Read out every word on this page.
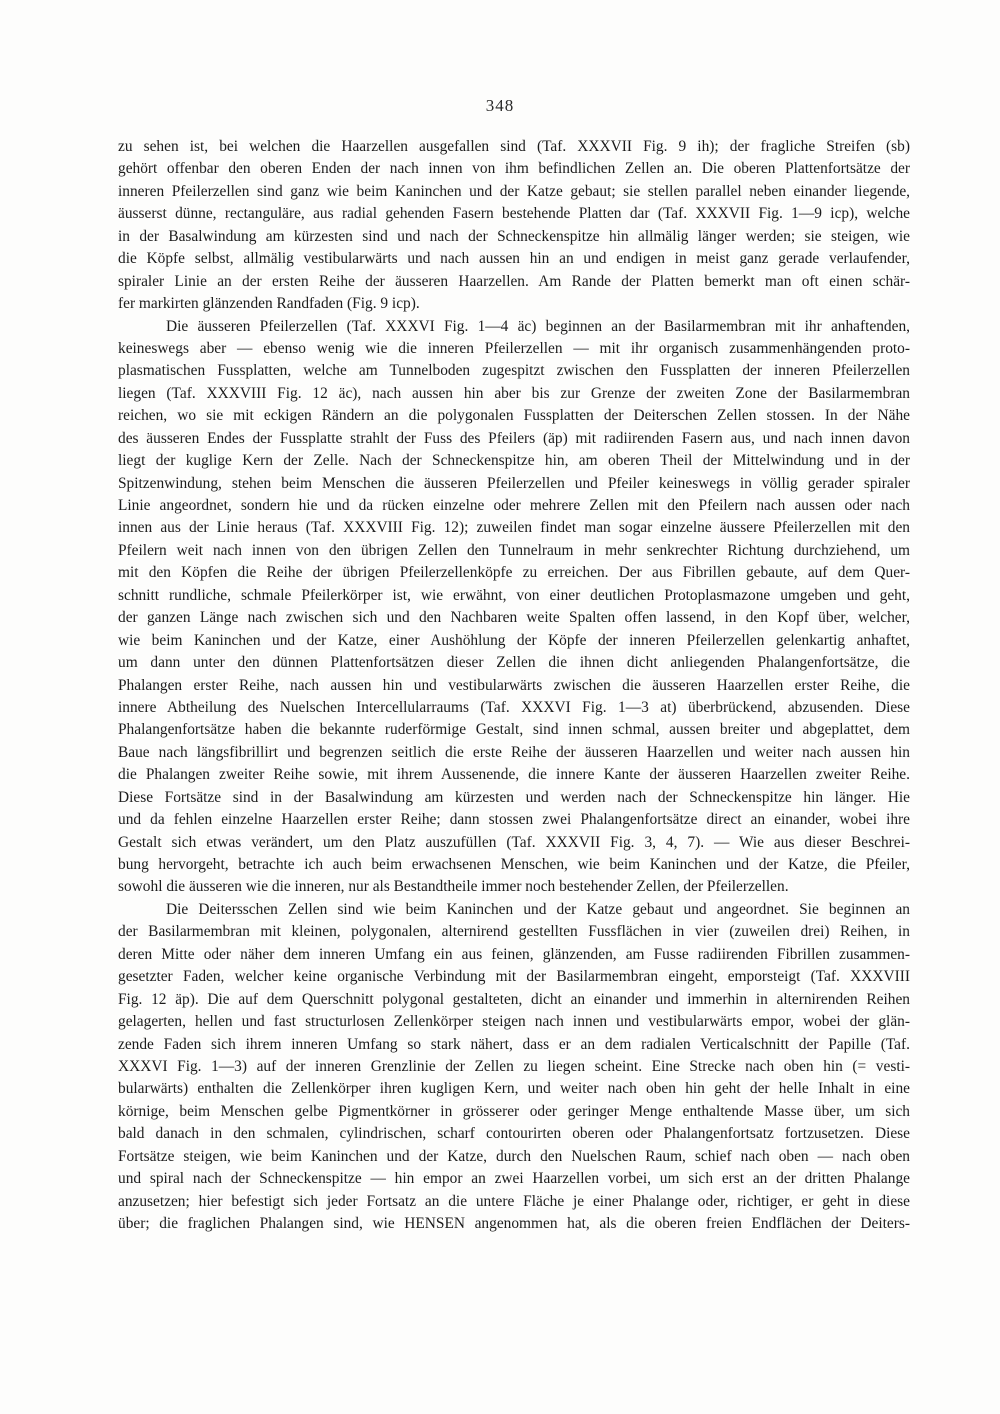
348
zu sehen ist, bei welchen die Haarzellen ausgefallen sind (Taf. XXXVII Fig. 9 ih); der fragliche Streifen (sb)
gehört offenbar den oberen Enden der nach innen von ihm befindlichen Zellen an. Die oberen Plattenfortsätze der
inneren Pfeilerzellen sind ganz wie beim Kaninchen und der Katze gebaut; sie stellen parallel neben einander liegende,
äusserst dünne, rectanguläre, aus radial gehenden Fasern bestehende Platten dar (Taf. XXXVII Fig. 1—9 icp), welche
in der Basalwindung am kürzesten sind und nach der Schneckenspitze hin allmälig länger werden; sie steigen, wie
die Köpfe selbst, allmälig vestibularwärts und nach aussen hin an und endigen in meist ganz gerade verlaufender,
spiraler Linie an der ersten Reihe der äusseren Haarzellen. Am Rande der Platten bemerkt man oft einen schär-
fer markirten glänzenden Randfaden (Fig. 9 icp).
Die äusseren Pfeilerzellen (Taf. XXXVI Fig. 1—4 äc) beginnen an der Basilarmembran mit ihr anhaftenden,
keineswegs aber — ebenso wenig wie die inneren Pfeilerzellen — mit ihr organisch zusammenhängenden proto-
plasmatischen Fussplatten, welche am Tunnelboden zugespitzt zwischen den Fussplatten der inneren Pfeilerzellen
liegen (Taf. XXXVIII Fig. 12 äc), nach aussen hin aber bis zur Grenze der zweiten Zone der Basilarmembran
reichen, wo sie mit eckigen Rändern an die polygonalen Fussplatten der Deiterschen Zellen stossen. In der Nähe
des äusseren Endes der Fussplatte strahlt der Fuss des Pfeilers (äp) mit radiirenden Fasern aus, und nach innen davon
liegt der kuglige Kern der Zelle. Nach der Schneckenspitze hin, am oberen Theil der Mittelwindung und in der
Spitzenwindung, stehen beim Menschen die äusseren Pfeilerzellen und Pfeiler keineswegs in völlig gerader spiraler
Linie angeordnet, sondern hie und da rücken einzelne oder mehrere Zellen mit den Pfeilern nach aussen oder nach
innen aus der Linie heraus (Taf. XXXVIII Fig. 12); zuweilen findet man sogar einzelne äussere Pfeilerzellen mit den
Pfeilern weit nach innen von den übrigen Zellen den Tunnelraum in mehr senkrechter Richtung durchziehend, um
mit den Köpfen die Reihe der übrigen Pfeilerzellenköpfe zu erreichen. Der aus Fibrillen gebaute, auf dem Quer-
schnitt rundliche, schmale Pfeilerkörper ist, wie erwähnt, von einer deutlichen Protoplasmazone umgeben und geht,
der ganzen Länge nach zwischen sich und den Nachbaren weite Spalten offen lassend, in den Kopf über, welcher,
wie beim Kaninchen und der Katze, einer Aushöhlung der Köpfe der inneren Pfeilerzellen gelenkartig anhaftet,
um dann unter den dünnen Plattenfortsätzen dieser Zellen die ihnen dicht anliegenden Phalangenfortsätze, die
Phalangen erster Reihe, nach aussen hin und vestibularwärts zwischen die äusseren Haarzellen erster Reihe, die
innere Abtheilung des Nuelschen Intercellularraums (Taf. XXXVI Fig. 1—3 at) überbrückend, abzusenden. Diese
Phalangenfortsätze haben die bekannte ruderförmige Gestalt, sind innen schmal, aussen breiter und abgeplattet, dem
Baue nach längsfibrillirt und begrenzen seitlich die erste Reihe der äusseren Haarzellen und weiter nach aussen hin
die Phalangen zweiter Reihe sowie, mit ihrem Aussenende, die innere Kante der äusseren Haarzellen zweiter Reihe.
Diese Fortsätze sind in der Basalwindung am kürzesten und werden nach der Schneckenspitze hin länger. Hie
und da fehlen einzelne Haarzellen erster Reihe; dann stossen zwei Phalangenfortsätze direct an einander, wobei ihre
Gestalt sich etwas verändert, um den Platz auszufüllen (Taf. XXXVII Fig. 3, 4, 7). — Wie aus dieser Beschrei-
bung hervorgeht, betrachte ich auch beim erwachsenen Menschen, wie beim Kaninchen und der Katze, die Pfeiler,
sowohl die äusseren wie die inneren, nur als Bestandtheile immer noch bestehender Zellen, der Pfeilerzellen.
Die Deitersschen Zellen sind wie beim Kaninchen und der Katze gebaut und angeordnet. Sie beginnen an
der Basilarmembran mit kleinen, polygonalen, alternirend gestellten Fussflächen in vier (zuweilen drei) Reihen, in
deren Mitte oder näher dem inneren Umfang ein aus feinen, glänzenden, am Fusse radiirenden Fibrillen zusammen-
gesetzter Faden, welcher keine organische Verbindung mit der Basilarmembran eingeht, emporsteigt (Taf. XXXVIII
Fig. 12 äp). Die auf dem Querschnitt polygonal gestalteten, dicht an einander und immerhin in alternirenden Reihen
gelagerten, hellen und fast structurlosen Zellenkörper steigen nach innen und vestibularwärts empor, wobei der glän-
zende Faden sich ihrem inneren Umfang so stark nähert, dass er an dem radialen Verticalschnitt der Papille (Taf.
XXXVI Fig. 1—3) auf der inneren Grenzlinie der Zellen zu liegen scheint. Eine Strecke nach oben hin (= vesti-
bularwärts) enthalten die Zellenkörper ihren kugligen Kern, und weiter nach oben hin geht der helle Inhalt in eine
körnige, beim Menschen gelbe Pigmentkörner in grösserer oder geringer Menge enthaltende Masse über, um sich
bald danach in den schmalen, cylindrischen, scharf contourirten oberen oder Phalangenfortsatz fortzusetzen. Diese
Fortsätze steigen, wie beim Kaninchen und der Katze, durch den Nuelschen Raum, schief nach oben — nach oben
und spiral nach der Schneckenspitze — hin empor an zwei Haarzellen vorbei, um sich erst an der dritten Phalange
anzusetzen; hier befestigt sich jeder Fortsatz an die untere Fläche je einer Phalange oder, richtiger, er geht in diese
über; die fraglichen Phalangen sind, wie HENSEN angenommen hat, als die oberen freien Endflächen der Deiters-
